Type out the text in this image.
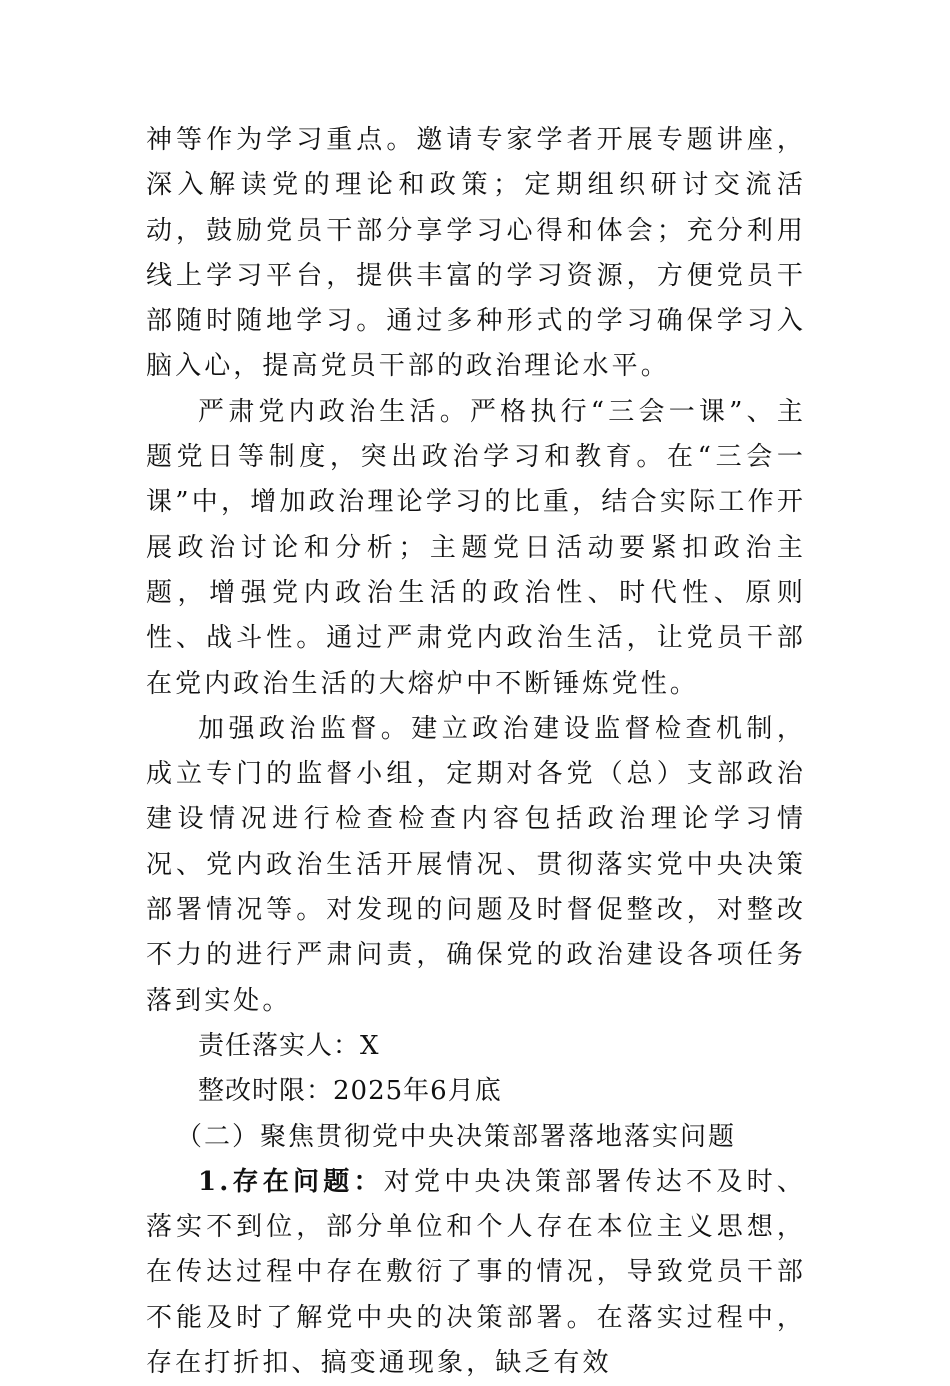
神等作为学习重点。邀请专家学者开展专题讲座，深入解读党的理论和政策；定期组织研讨交流活动，鼓励党员干部分享学习心得和体会；充分利用线上学习平台，提供丰富的学习资源，方便党员干部随时随地学习。通过多种形式的学习确保学习入脑入心，提高党员干部的政治理论水平。

严肃党内政治生活。严格执行“三会一课”、主题党日等制度，突出政治学习和教育。在“三会一课”中，增加政治理论学习的比重，结合实际工作开展政治讨论和分析；主题党日活动要紧扣政治主题，增强党内政治生活的政治性、时代性、原则性、战斗性。通过严肃党内政治生活，让党员干部在党内政治生活的大熔炉中不断锤炼党性。

加强政治监督。建立政治建设监督检查机制，成立专门的监督小组，定期对各党（总）支部政治建设情况进行检查检查内容包括政治理论学习情况、党内政治生活开展情况、贯彻落实党中央决策部署情况等。对发现的问题及时督促整改，对整改不力的进行严肃问责，确保党的政治建设各项任务落到实处。

责任落实人：X

整改时限：2025年6月底

（二）聚焦贯彻党中央决策部署落地落实问题

1.存在问题：对党中央决策部署传达不及时、落实不到位，部分单位和个人存在本位主义思想，在传达过程中存在敷衍了事的情况，导致党员干部不能及时了解党中央的决策部署。在落实过程中，存在打折扣、搞变通现象，缺乏有效
